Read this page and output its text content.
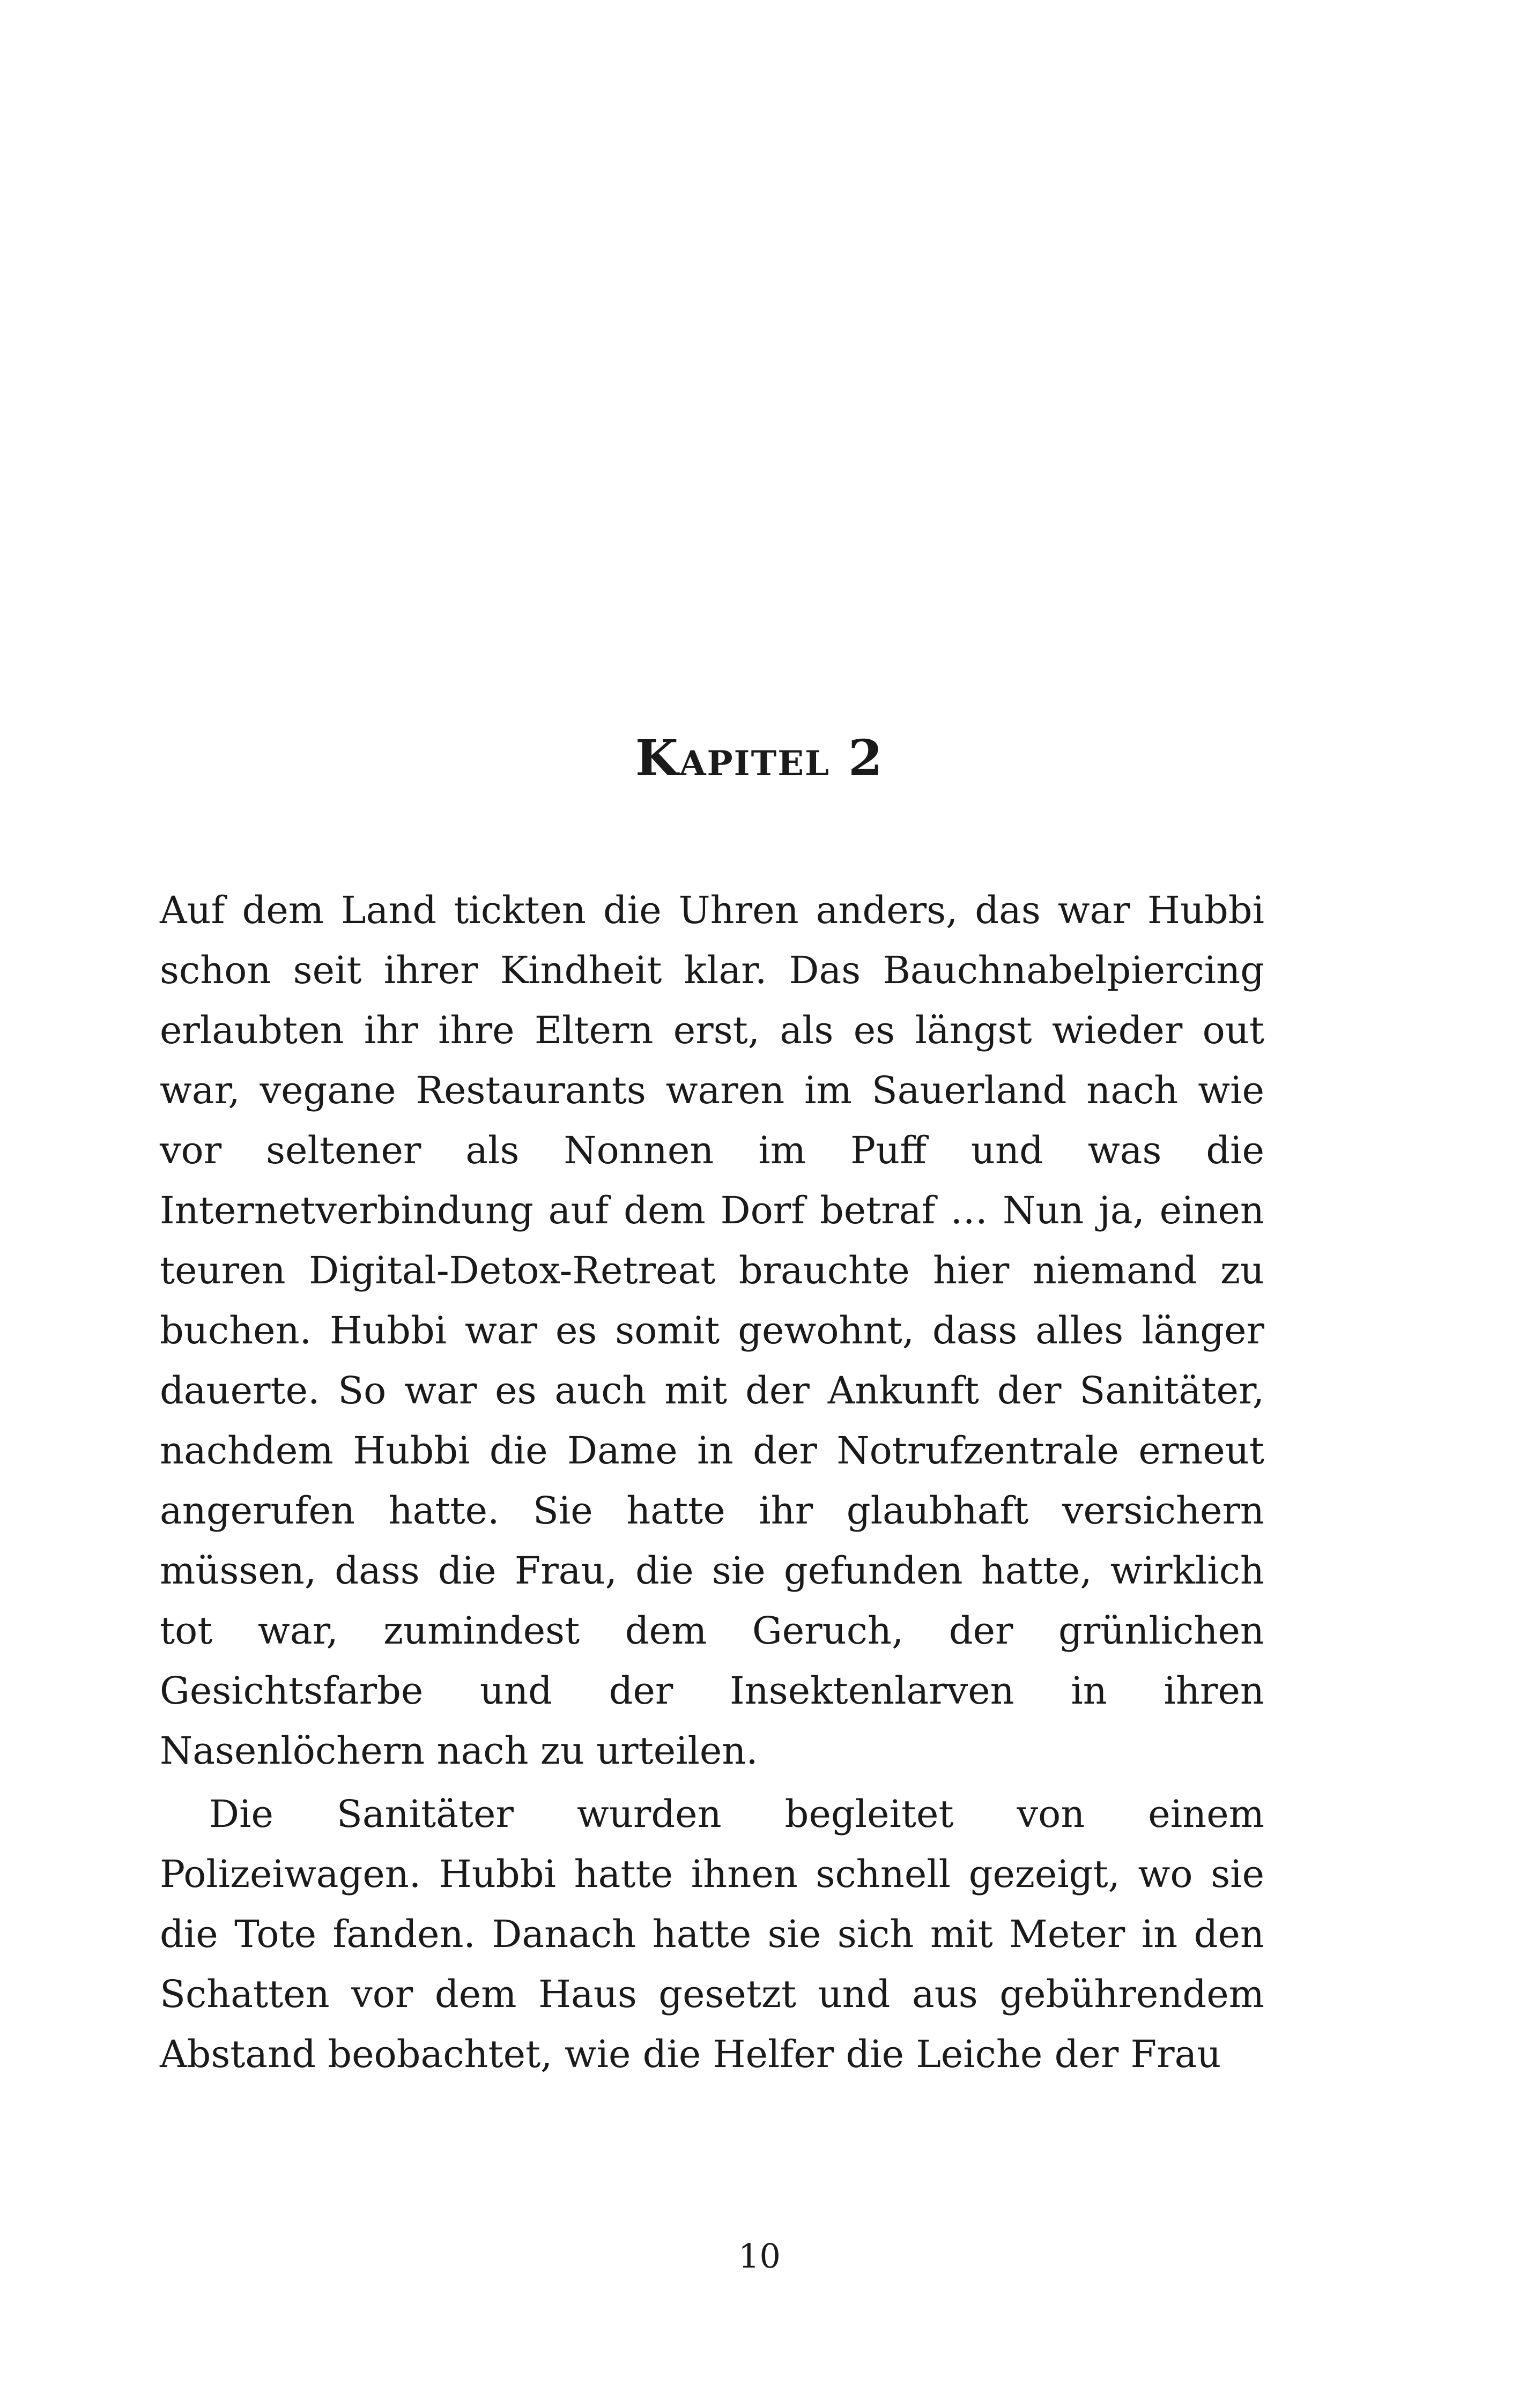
Kapitel 2

Auf dem Land tickten die Uhren anders, das war Hubbi schon seit ihrer Kindheit klar. Das Bauchnabelpiercing erlaubten ihr ihre Eltern erst, als es längst wieder out war, vegane Restaurants waren im Sauerland nach wie vor seltener als Nonnen im Puff und was die Internetverbindung auf dem Dorf betraf … Nun ja, einen teuren Digital-Detox-Retreat brauchte hier niemand zu buchen. Hubbi war es somit gewohnt, dass alles länger dauerte. So war es auch mit der Ankunft der Sanitäter, nachdem Hubbi die Dame in der Notrufzentrale erneut angerufen hatte. Sie hatte ihr glaubhaft versichern müssen, dass die Frau, die sie gefunden hatte, wirklich tot war, zumindest dem Geruch, der grünlichen Gesichtsfarbe und der Insektenlarven in ihren Nasenlöchern nach zu urteilen.

Die Sanitäter wurden begleitet von einem Polizeiwagen. Hubbi hatte ihnen schnell gezeigt, wo sie die Tote fanden. Danach hatte sie sich mit Meter in den Schatten vor dem Haus gesetzt und aus gebührendem Abstand beobachtet, wie die Helfer die Leiche der Frau

10
